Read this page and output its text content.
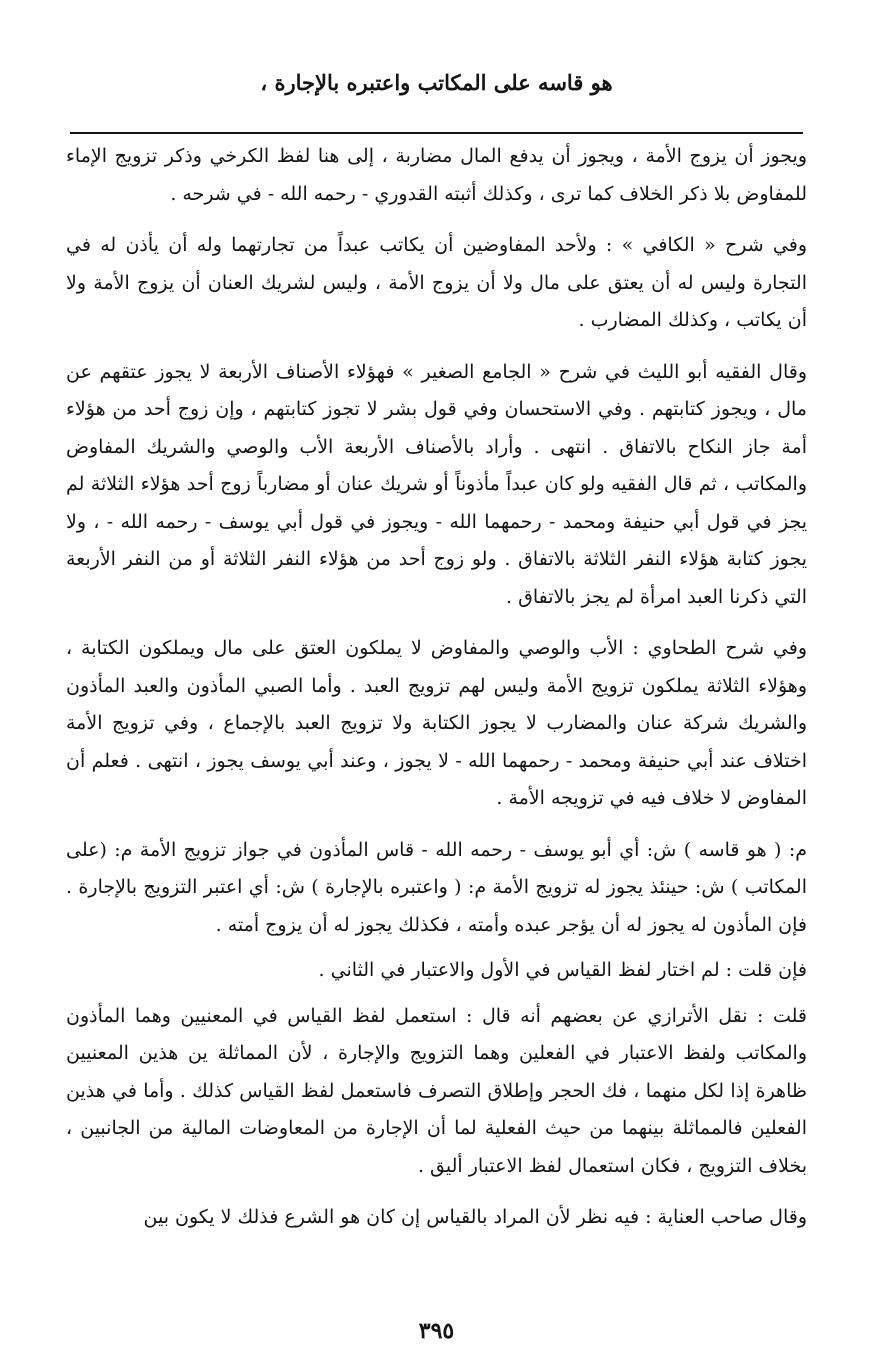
هو قاسه على المكاتب واعتبره بالإجارة ،

ويجوز أن يزوج الأمة ، ويجوز أن يدفع المال مضاربة ، إلى هنا لفظ الكرخي وذكر تزويج الإماء للمفاوض بلا ذكر الخلاف كما ترى ، وكذلك أثبته القدوري - رحمه الله - في شرحه .

وفي شرح « الكافي » : ولأحد المفاوضين أن يكاتب عبداً من تجارتهما وله أن يأذن له في التجارة وليس له أن يعتق على مال ولا أن يزوج الأمة ، وليس لشريك العنان أن يزوج الأمة ولا أن يكاتب ، وكذلك المضارب .

وقال الفقيه أبو الليث في شرح « الجامع الصغير » فهؤلاء الأصناف الأربعة لا يجوز عتقهم عن مال ، ويجوز كتابتهم . وفي الاستحسان وفي قول بشر لا تجوز كتابتهم ، وإن زوج أحد من هؤلاء أمة جاز النكاح بالاتفاق . انتهى . وأراد بالأصناف الأربعة الأب والوصي والشريك المفاوض والمكاتب ، ثم قال الفقيه ولو كان عبداً مأذوناً أو شريك عنان أو مضارباً زوج أحد هؤلاء الثلاثة لم يجز في قول أبي حنيفة ومحمد - رحمهما الله - ويجوز في قول أبي يوسف - رحمه الله - ، ولا يجوز كتابة هؤلاء النفر الثلاثة بالاتفاق . ولو زوج أحد من هؤلاء النفر الثلاثة أو من النفر الأربعة التي ذكرنا العبد امرأة لم يجز بالاتفاق .

وفي شرح الطحاوي : الأب والوصي والمفاوض لا يملكون العتق على مال ويملكون الكتابة ، وهؤلاء الثلاثة يملكون تزويج الأمة وليس لهم تزويج العبد . وأما الصبي المأذون والعبد المأذون والشريك شركة عنان والمضارب لا يجوز الكتابة ولا تزويج العبد بالإجماع ، وفي تزويج الأمة اختلاف عند أبي حنيفة ومحمد - رحمهما الله - لا يجوز ، وعند أبي يوسف يجوز ، انتهى . فعلم أن المفاوض لا خلاف فيه في تزويجه الأمة .

م: ( هو قاسه ) ش: أي أبو يوسف - رحمه الله - قاس المأذون في جواز تزويج الأمة م: (على المكاتب ) ش: حينئذ يجوز له تزويج الأمة م: ( واعتبره بالإجارة ) ش: أي اعتبر التزويج بالإجارة . فإن المأذون له يجوز له أن يؤجر عبده وأمته ، فكذلك يجوز له أن يزوج أمته .

فإن قلت : لم اختار لفظ القياس في الأول والاعتبار في الثاني .

قلت : نقل الأترازي عن بعضهم أنه قال : استعمل لفظ القياس في المعنيين وهما المأذون والمكاتب ولفظ الاعتبار في الفعلين وهما التزويج والإجارة ، لأن المماثلة ين هذين المعنيين ظاهرة إذا لكل منهما ، فك الحجر وإطلاق التصرف فاستعمل لفظ القياس كذلك . وأما في هذين الفعلين فالمماثلة بينهما من حيث الفعلية لما أن الإجارة من المعاوضات المالية من الجانبين ، بخلاف التزويج ، فكان استعمال لفظ الاعتبار أليق .

وقال صاحب العناية : فيه نظر لأن المراد بالقياس إن كان هو الشرع فذلك لا يكون بين

٣٩٥
